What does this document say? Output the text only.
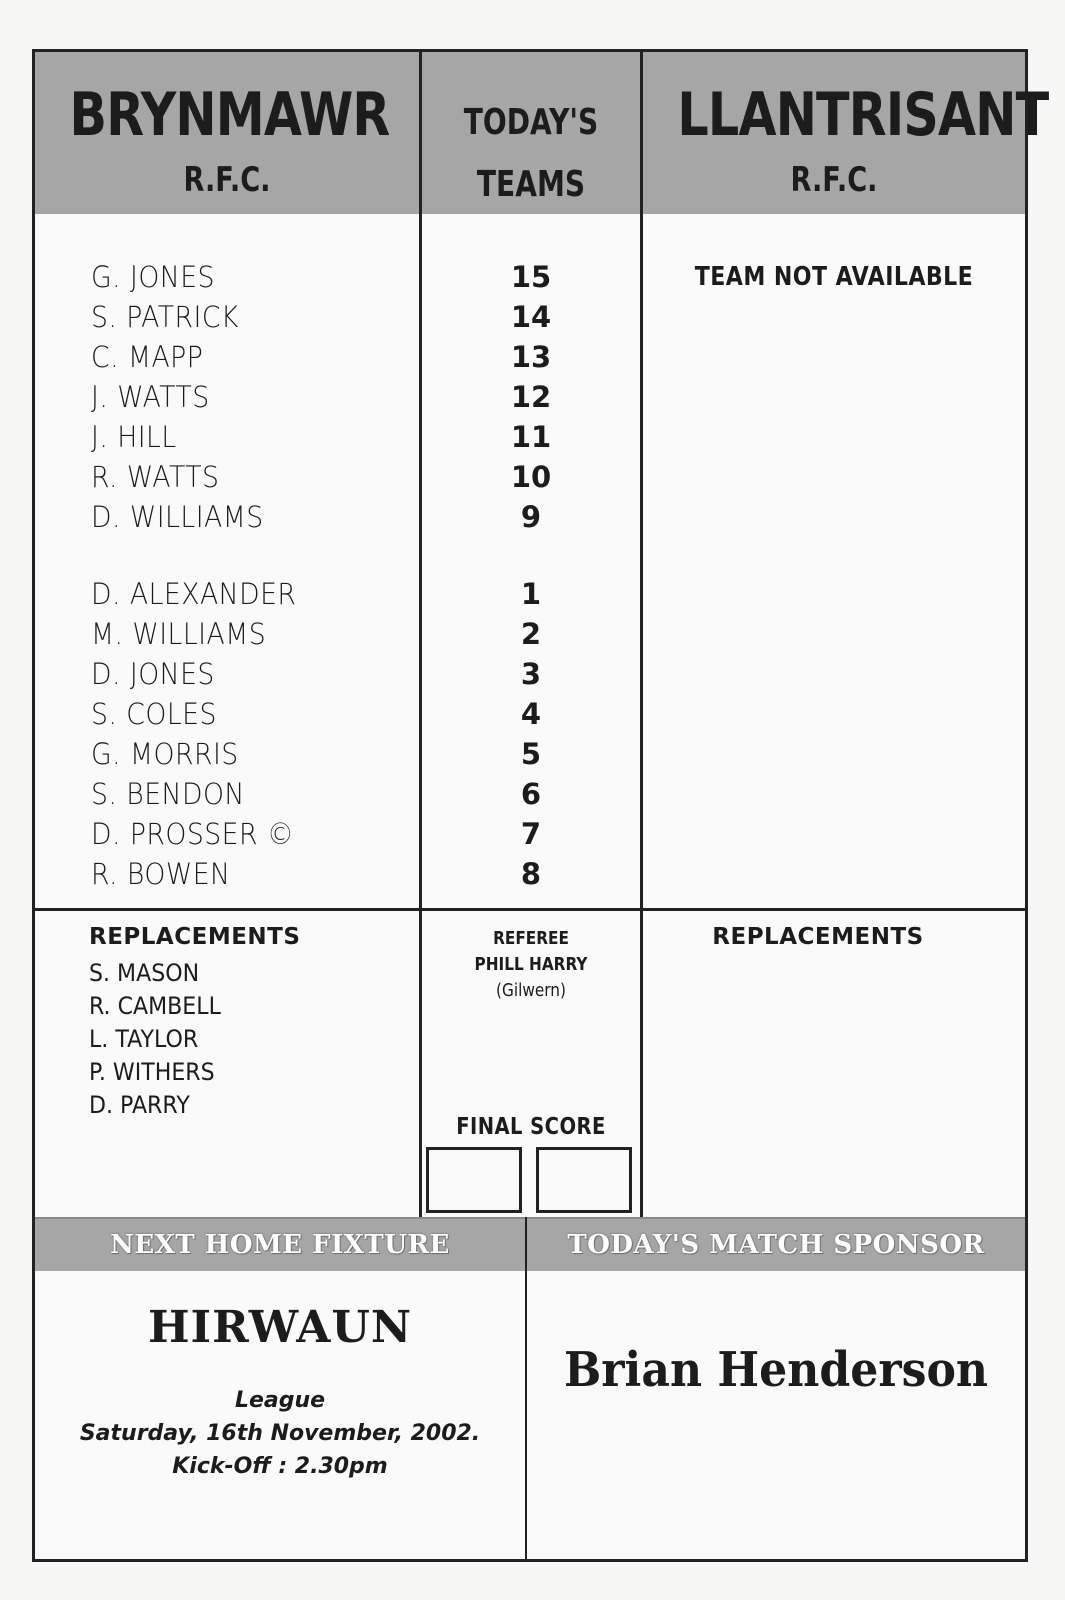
BRYNMAWR
R.F.C.
TODAY'S
TEAMS
LLANTRISANT
R.F.C.
G. JONES
S. PATRICK
C. MAPP
J. WATTS
J. HILL
R. WATTS
D. WILLIAMS
D. ALEXANDER
M. WILLIAMS
D. JONES
S. COLES
G. MORRIS
S. BENDON
D. PROSSER ©
R. BOWEN
15
14
13
12
11
10
9
1
2
3
4
5
6
7
8
TEAM NOT AVAILABLE
REPLACEMENTS
S. MASON
R. CAMBELL
L. TAYLOR
P. WITHERS
D. PARRY
REFEREE
PHILL HARRY
(Gilwern)
FINAL SCORE
REPLACEMENTS
NEXT HOME FIXTURE	TODAY'S MATCH SPONSOR
HIRWAUN
League
Saturday, 16th November, 2002.
Kick-Off : 2.30pm
Brian Henderson
